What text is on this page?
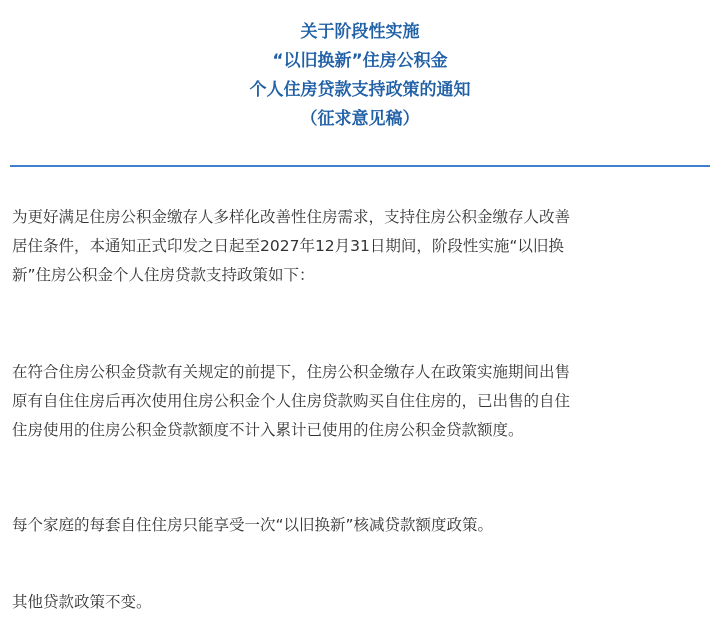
关于阶段性实施
“以旧换新”住房公积金
个人住房贷款支持政策的通知
（征求意见稿）

为更好满足住房公积金缴存人多样化改善性住房需求，支持住房公积金缴存人改善
居住条件，本通知正式印发之日起至2027年12月31日期间，阶段性实施“以旧换
新”住房公积金个人住房贷款支持政策如下：

在符合住房公积金贷款有关规定的前提下，住房公积金缴存人在政策实施期间出售
原有自住住房后再次使用住房公积金个人住房贷款购买自住住房的，已出售的自住
住房使用的住房公积金贷款额度不计入累计已使用的住房公积金贷款额度。

每个家庭的每套自住住房只能享受一次“以旧换新”核减贷款额度政策。

其他贷款政策不变。
